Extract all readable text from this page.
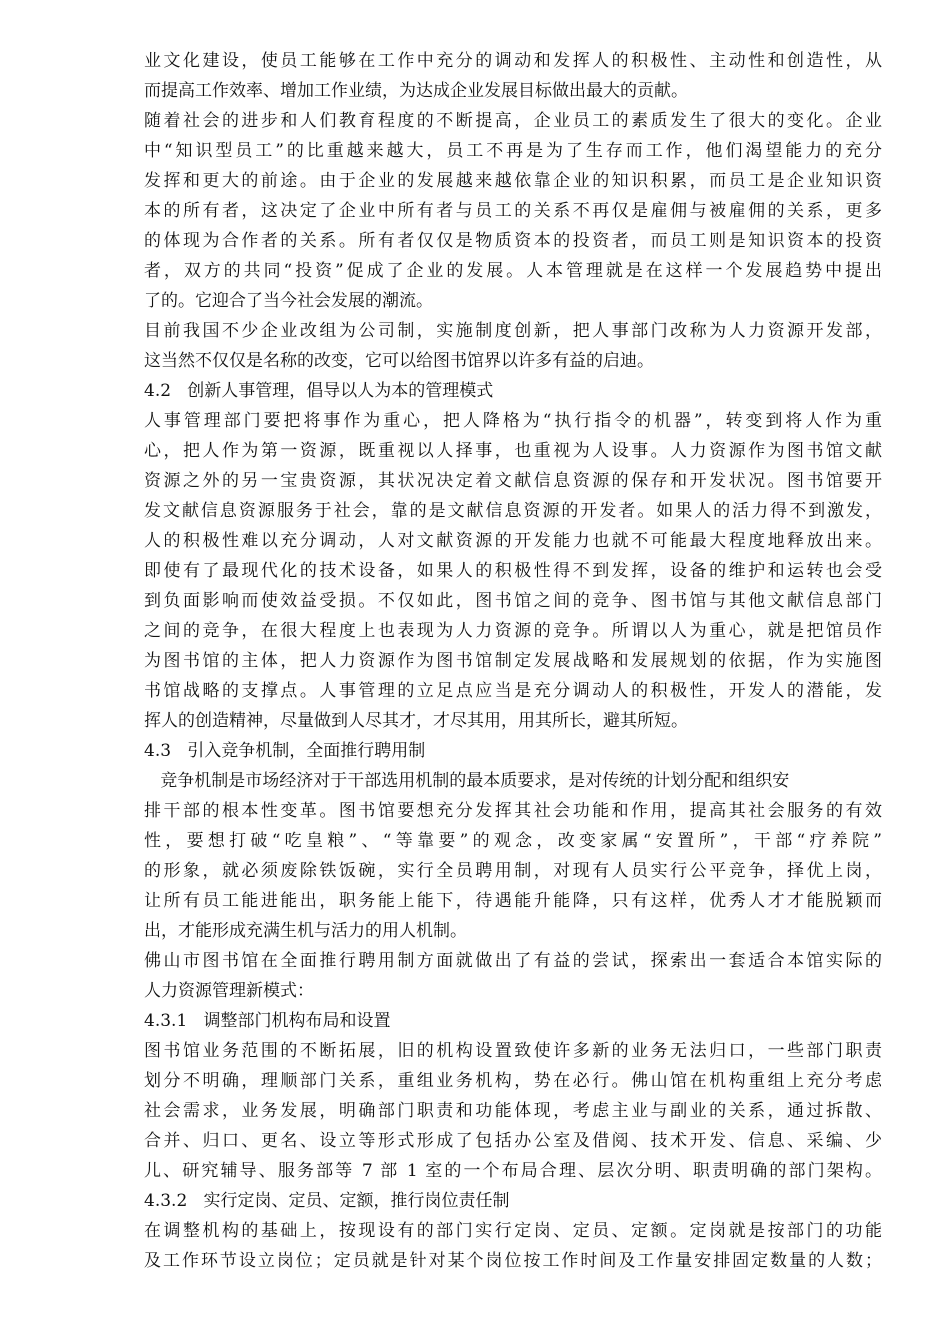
业文化建设，使员工能够在工作中充分的调动和发挥人的积极性、主动性和创造性，从
而提高工作效率、增加工作业绩，为达成企业发展目标做出最大的贡献。
随着社会的进步和人们教育程度的不断提高，企业员工的素质发生了很大的变化。企业
中“知识型员工”的比重越来越大，员工不再是为了生存而工作，他们渴望能力的充分
发挥和更大的前途。由于企业的发展越来越依靠企业的知识积累，而员工是企业知识资
本的所有者，这决定了企业中所有者与员工的关系不再仅是雇佣与被雇佣的关系，更多
的体现为合作者的关系。所有者仅仅是物质资本的投资者，而员工则是知识资本的投资
者，双方的共同“投资”促成了企业的发展。人本管理就是在这样一个发展趋势中提出
了的。它迎合了当今社会发展的潮流。
目前我国不少企业改组为公司制，实施制度创新，把人事部门改称为人力资源开发部，
这当然不仅仅是名称的改变，它可以给图书馆界以许多有益的启迪。
4.2   创新人事管理，倡导以人为本的管理模式
人事管理部门要把将事作为重心，把人降格为“执行指令的机器”，转变到将人作为重
心，把人作为第一资源，既重视以人择事，也重视为人设事。人力资源作为图书馆文献
资源之外的另一宝贵资源，其状况决定着文献信息资源的保存和开发状况。图书馆要开
发文献信息资源服务于社会，靠的是文献信息资源的开发者。如果人的活力得不到激发，
人的积极性难以充分调动，人对文献资源的开发能力也就不可能最大程度地释放出来。
即使有了最现代化的技术设备，如果人的积极性得不到发挥，设备的维护和运转也会受
到负面影响而使效益受损。不仅如此，图书馆之间的竞争、图书馆与其他文献信息部门
之间的竞争，在很大程度上也表现为人力资源的竞争。所谓以人为重心，就是把馆员作
为图书馆的主体，把人力资源作为图书馆制定发展战略和发展规划的依据，作为实施图
书馆战略的支撑点。人事管理的立足点应当是充分调动人的积极性，开发人的潜能，发
挥人的创造精神，尽量做到人尽其才，才尽其用，用其所长，避其所短。
4.3   引入竞争机制，全面推行聘用制
竞争机制是市场经济对于干部选用机制的最本质要求，是对传统的计划分配和组织安
排干部的根本性变革。图书馆要想充分发挥其社会功能和作用，提高其社会服务的有效
性，要想打破“吃皇粮”、“等靠要”的观念，改变家属“安置所”，干部“疗养院”
的形象，就必须废除铁饭碗，实行全员聘用制，对现有人员实行公平竞争，择优上岗，
让所有员工能进能出，职务能上能下，待遇能升能降，只有这样，优秀人才才能脱颖而
出，才能形成充满生机与活力的用人机制。
佛山市图书馆在全面推行聘用制方面就做出了有益的尝试，探索出一套适合本馆实际的
人力资源管理新模式：
4.3.1   调整部门机构布局和设置
图书馆业务范围的不断拓展，旧的机构设置致使许多新的业务无法归口，一些部门职责
划分不明确，理顺部门关系，重组业务机构，势在必行。佛山馆在机构重组上充分考虑
社会需求，业务发展，明确部门职责和功能体现，考虑主业与副业的关系，通过拆散、
合并、归口、更名、设立等形式形成了包括办公室及借阅、技术开发、信息、采编、少
儿、研究辅导、服务部等 7 部 1 室的一个布局合理、层次分明、职责明确的部门架构。
4.3.2   实行定岗、定员、定额，推行岗位责任制
在调整机构的基础上，按现设有的部门实行定岗、定员、定额。定岗就是按部门的功能
及工作环节设立岗位；定员就是针对某个岗位按工作时间及工作量安排固定数量的人数；
